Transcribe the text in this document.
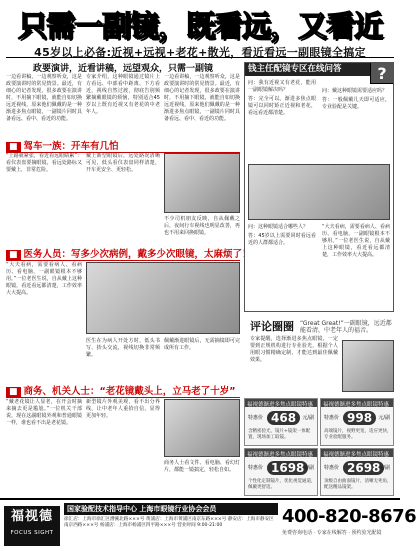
只需一副镜，既看远，又看近
45岁以上必备:近视+远视+老花+散光，看近看远一副眼镜全搞定
政要演讲，近看讲稿，远望观众，只需一副镜
一边看讲稿，一边观察听众，这是政要演讲时的常见情景。最近，有细心的记者发现，很多政要在演讲时，不用摘下眼镜，就能自如切换远近视线，原来他们佩戴的是一种渐进多焦点眼镜，一副镜片同时具备看远、看中、看近的功能。
专家介绍，这种眼镜通过镜片上方看远、中部看中距离、下方看近，视线自然过渡，彻底告别频繁摘戴眼镜的烦恼，特别适合45岁以上既有近视又有老花的中老年人。
一边看讲稿，一边观察听众，这是政要演讲时的常见情景。最近，有细心的记者发现，很多政要在演讲时，不用摘下眼镜，就能自如切换远近视线，原来他们佩戴的是一种渐进多焦点眼镜，一副镜片同时具备看远、看中、看近的功能。
■ 驾车一族：开车有几怕
“上路就紧张，看近看远眼睛累”：看仪表盘要摘眼镜，看远处路标又要戴上，非常危险。
戴上新型眼镜后，远处路况清晰可见，低头看仪表盘同样清楚，开车更安全、更轻松。
不少司机朋友反映，自从佩戴之后，夜间行车视线也明显改善，再也不用来回换眼镜。
■ 医务人员：写多少次病例，戴多少次眼镜，太麻烦了！
“大夫看病，需要看病人、看病历、看电脑，一副眼镜根本不够用。”一位老医生说，自从戴上这种眼镜，看近看远都清楚，工作效率大大提高。
医生在为病人开处方时，低头书写、抬头交流，视线切换非常频繁。
佩戴渐进眼镜后，无需摘镜即可完成所有工作。
■ 商务、机关人士：“老花镜戴头上，立马老了十岁”
“戴老花镜让人显老，在开会时摘来摘去更是尴尬。”一位机关干部说，现在这副眼镜外观和普通眼镜一样，谁也看不出是老花镜。
新型镜片外观美观，看不出分界线，让中老年人重拾自信，显得更加年轻。
商务人士看文件、看电脑、看幻灯片，都能一镜搞定，轻松自如。
钱主任配镜专区在线问答	?

问：我有近视又有老花，能用一副眼镜解决吗？

答：完全可以。渐进多焦点眼镜可以同时矫正近视和老花，看远看近都清楚。

问：戴这种眼镜需要适应吗？

答：一般佩戴几天即可适应，专业验配是关键。

问：这种眼镜适合哪些人？

答：45岁以上需要同时看远看近的人群都适合。

“大夫看病，需要看病人、看病历、看电脑，一副眼镜根本不够用。”一位老医生说，自从戴上这种眼镜，看近看远都清楚，工作效率大大提高。
评论圈圈 “Great Great!”一副眼镜，远近都能看清，中老年人的福音。
专家提醒，选择渐进多焦点眼镜，一定要到正规机构进行专业验光，根据个人用眼习惯精确定制，才能达到最佳佩戴效果。
福视德渐进多焦点眼镜特惠
特惠价 468	元/副
含精密验光，镜片+镜架一体配置，现场加工取镜。
福视德渐进多焦点眼镜特惠
特惠价 998	元/副
高端镜片，视野更宽，适应更快，专业验配服务。
福视德渐进多焦点眼镜特惠
特惠价 1698
元/副
个性化定制镜片，优化视觉通道，佩戴更舒适。
福视德渐进多焦点眼镜特惠
特惠价 2698
元/副
顶级自由曲面镜片，清晰无死角，配送精品镜架。
福视德
FOCUS SIGHT
国家验配技术指导中心 上海市眼镜行业协会会员
徐汇店：上海市徐汇区漕溪北路×××号 黄浦店：上海市黄浦区南京东路×××号 静安店：上海市静安区南京西路×××号 杨浦店：上海市杨浦区四平路×××号 营业时间 9:00-21:00	400-820-8676
免费咨询电话 · 专家在线解答 · 预约验光配镜
